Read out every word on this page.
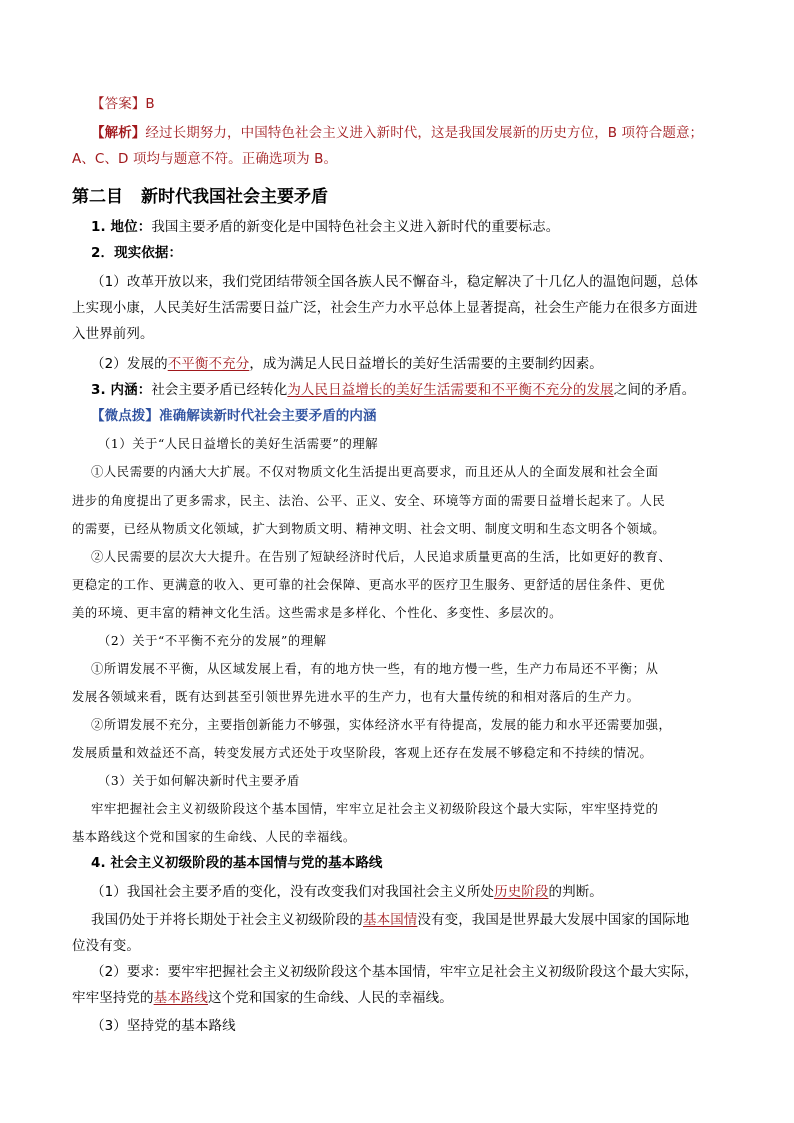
【答案】B
【解析】经过长期努力，中国特色社会主义进入新时代，这是我国发展新的历史方位，B 项符合题意；
A、C、D 项均与题意不符。正确选项为 B。
第二目 新时代我国社会主要矛盾
1. 地位：我国主要矛盾的新变化是中国特色社会主义进入新时代的重要标志。
2．现实依据：
（1）改革开放以来，我们党团结带领全国各族人民不懈奋斗，稳定解决了十几亿人的温饱问题，总体
上实现小康，人民美好生活需要日益广泛，社会生产力水平总体上显著提高，社会生产能力在很多方面进
入世界前列。
（2）发展的不平衡不充分，成为满足人民日益增长的美好生活需要的主要制约因素。
3. 内涵：社会主要矛盾已经转化为人民日益增长的美好生活需要和不平衡不充分的发展之间的矛盾。
【微点拨】准确解读新时代社会主要矛盾的内涵
（1）关于“人民日益增长的美好生活需要”的理解
①人民需要的内涵大大扩展。不仅对物质文化生活提出更高要求，而且还从人的全面发展和社会全面
进步的角度提出了更多需求，民主、法治、公平、正义、安全、环境等方面的需要日益增长起来了。人民
的需要，已经从物质文化领域，扩大到物质文明、精神文明、社会文明、制度文明和生态文明各个领域。
②人民需要的层次大大提升。在告别了短缺经济时代后，人民追求质量更高的生活，比如更好的教育、
更稳定的工作、更满意的收入、更可靠的社会保障、更高水平的医疗卫生服务、更舒适的居住条件、更优
美的环境、更丰富的精神文化生活。这些需求是多样化、个性化、多变性、多层次的。
（2）关于“不平衡不充分的发展”的理解
①所谓发展不平衡，从区域发展上看，有的地方快一些，有的地方慢一些，生产力布局还不平衡；从
发展各领域来看，既有达到甚至引领世界先进水平的生产力，也有大量传统的和相对落后的生产力。
②所谓发展不充分，主要指创新能力不够强，实体经济水平有待提高，发展的能力和水平还需要加强，
发展质量和效益还不高，转变发展方式还处于攻坚阶段，客观上还存在发展不够稳定和不持续的情况。
（3）关于如何解决新时代主要矛盾
牢牢把握社会主义初级阶段这个基本国情，牢牢立足社会主义初级阶段这个最大实际，牢牢坚持党的
基本路线这个党和国家的生命线、人民的幸福线。
4. 社会主义初级阶段的基本国情与党的基本路线
（1）我国社会主要矛盾的变化，没有改变我们对我国社会主义所处历史阶段的判断。
我国仍处于并将长期处于社会主义初级阶段的基本国情没有变，我国是世界最大发展中国家的国际地
位没有变。
（2）要求：要牢牢把握社会主义初级阶段这个基本国情，牢牢立足社会主义初级阶段这个最大实际，
牢牢坚持党的基本路线这个党和国家的生命线、人民的幸福线。
（3）坚持党的基本路线
